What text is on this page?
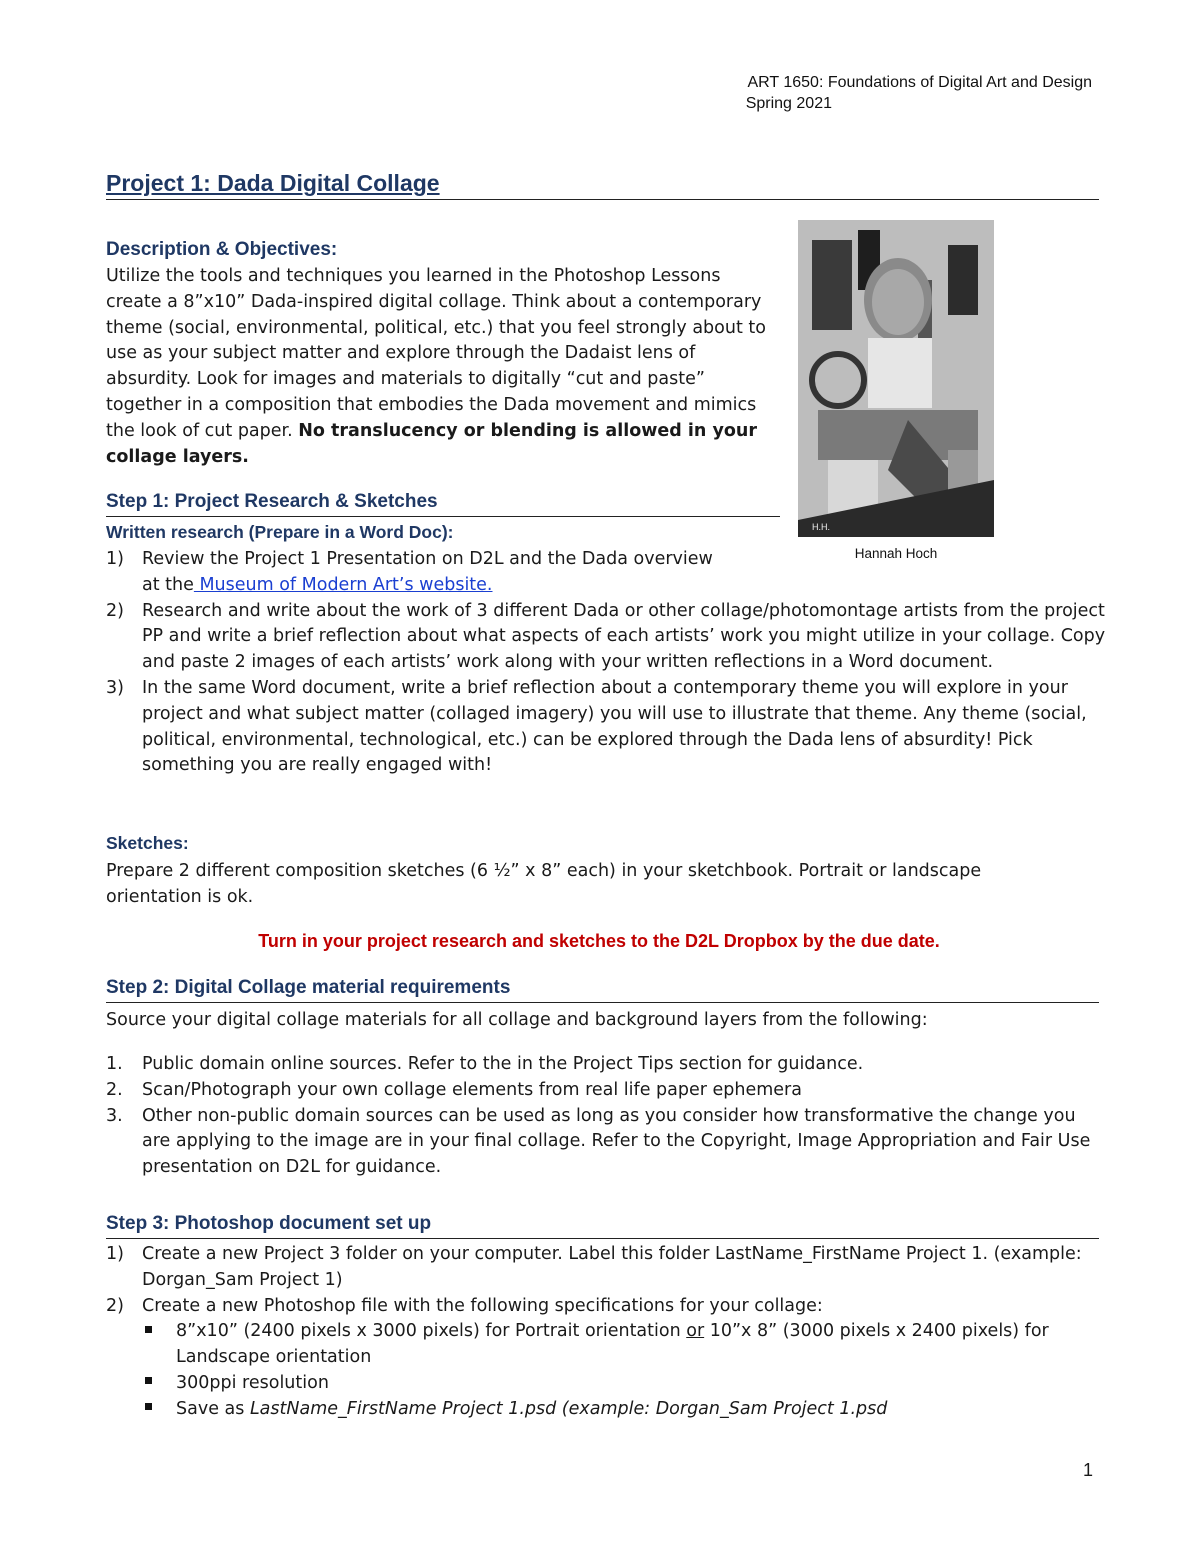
ART 1650: Foundations of Digital Art and Design
Spring 2021
Project 1: Dada Digital Collage
Description & Objectives:
Utilize the tools and techniques you learned in the Photoshop Lessons create a 8”x10” Dada-inspired digital collage. Think about a contemporary theme (social, environmental, political, etc.) that you feel strongly about to use as your subject matter and explore through the Dadaist lens of absurdity. Look for images and materials to digitally “cut and paste” together in a composition that embodies the Dada movement and mimics the look of cut paper. No translucency or blending is allowed in your collage layers.
H.H.
Hannah Hoch
Step 1: Project Research & Sketches
Written research (Prepare in a Word Doc):
1)	Review the Project 1 Presentation on D2L and the Dada overview
at the Museum of Modern Art’s website.
2)	Research and write about the work of 3 different Dada or other collage/photomontage artists from the project PP and write a brief reflection about what aspects of each artists’ work you might utilize in your collage. Copy and paste 2 images of each artists’ work along with your written reflections in a Word document.
3)	In the same Word document, write a brief reflection about a contemporary theme you will explore in your project and what subject matter (collaged imagery) you will use to illustrate that theme. Any theme (social, political, environmental, technological, etc.) can be explored through the Dada lens of absurdity! Pick something you are really engaged with!
Sketches:
Prepare 2 different composition sketches (6 ½” x 8” each) in your sketchbook. Portrait or landscape orientation is ok.
Turn in your project research and sketches to the D2L Dropbox by the due date.
Step 2: Digital Collage material requirements
Source your digital collage materials for all collage and background layers from the following:
1.	Public domain online sources. Refer to the in the Project Tips section for guidance.
2.	Scan/Photograph your own collage elements from real life paper ephemera
3.	Other non-public domain sources can be used as long as you consider how transformative the change you are applying to the image are in your final collage. Refer to the Copyright, Image Appropriation and Fair Use presentation on D2L for guidance.
Step 3: Photoshop document set up
1)	Create a new Project 3 folder on your computer. Label this folder LastName_FirstName Project 1. (example: Dorgan_Sam Project 1)
2)	Create a new Photoshop file with the following specifications for your collage:
8”x10” (2400 pixels x 3000 pixels) for Portrait orientation or 10”x 8” (3000 pixels x 2400 pixels) for Landscape orientation
300ppi resolution
Save as LastName_FirstName Project 1.psd (example: Dorgan_Sam Project 1.psd
1
